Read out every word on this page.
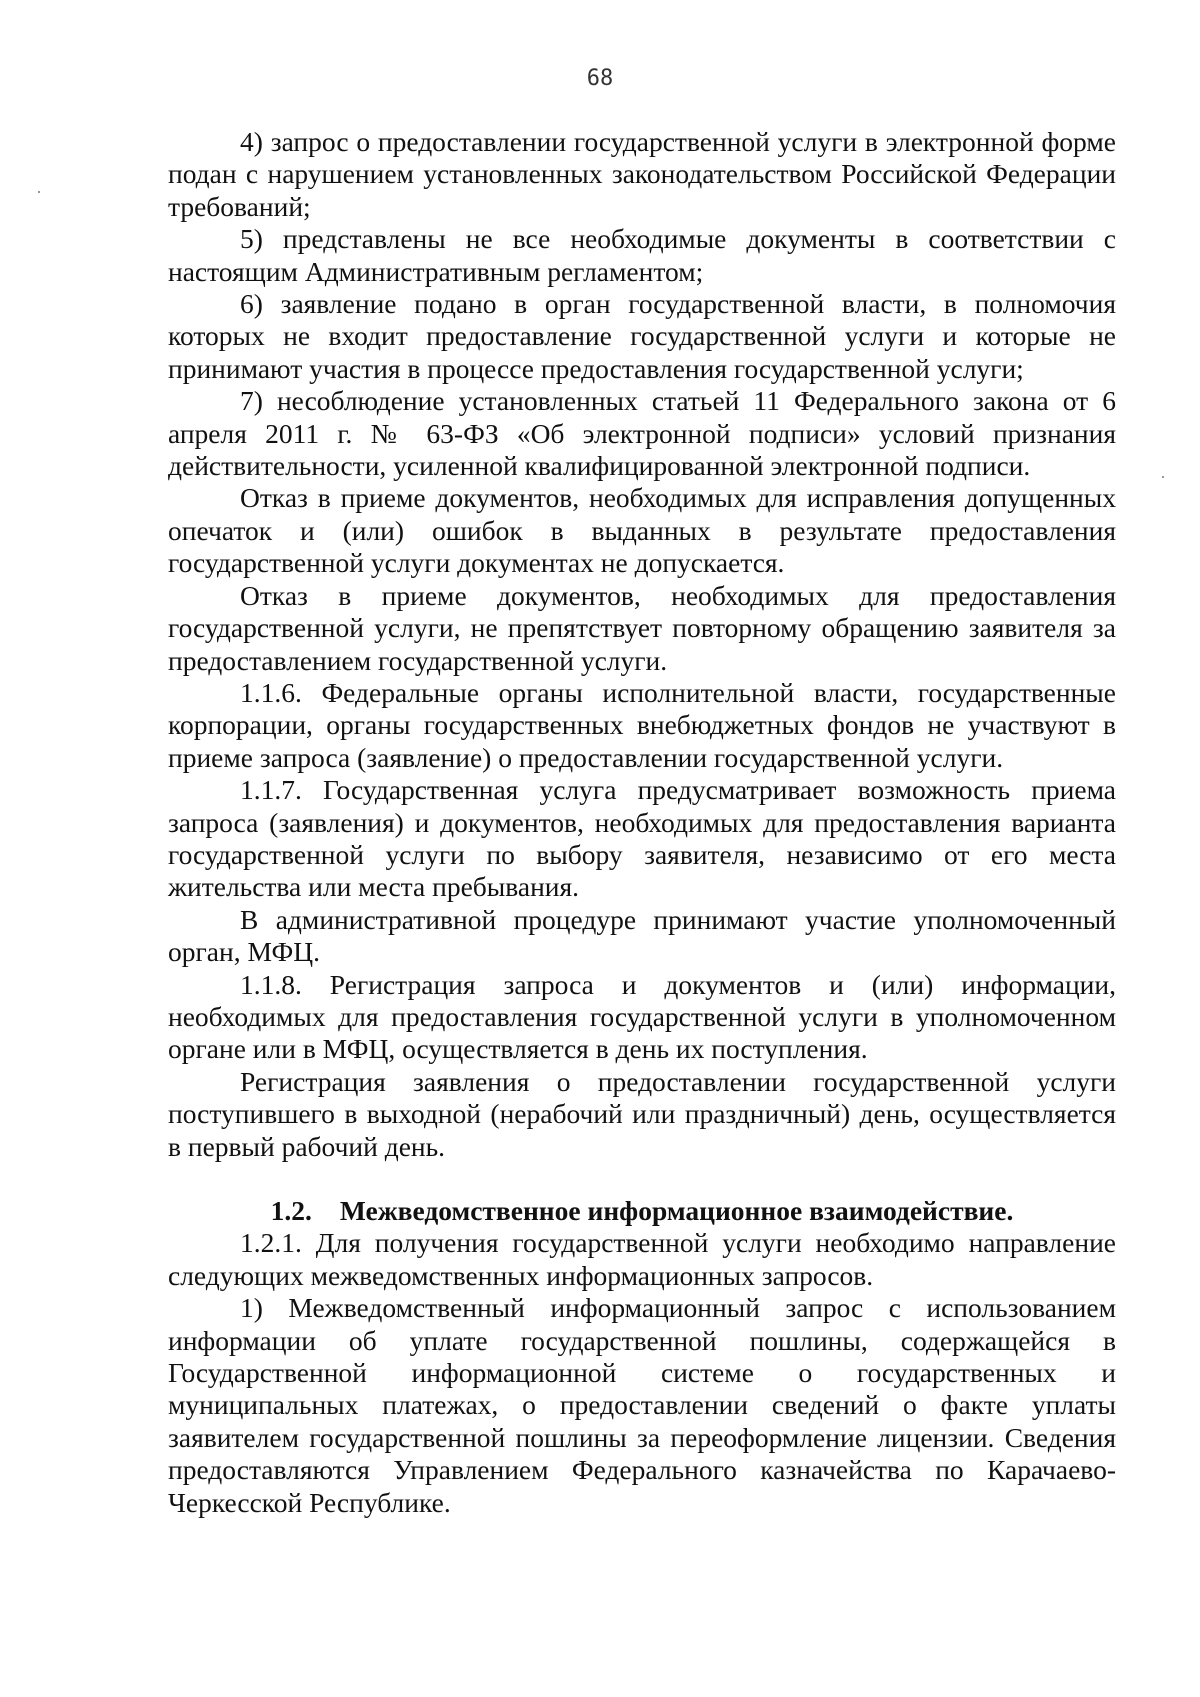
68

4) запрос о предоставлении государственной услуги в электронной форме подан с нарушением установленных законодательством Российской Федерации требований;

5) представлены не все необходимые документы в соответствии с настоящим Административным регламентом;

6) заявление подано в орган государственной власти, в полномочия которых не входит предоставление государственной услуги и которые не принимают участия в процессе предоставления государственной услуги;

7) несоблюдение установленных статьей 11 Федерального закона от 6 апреля 2011 г. № 63-ФЗ «Об электронной подписи» условий признания действительности, усиленной квалифицированной электронной подписи.

Отказ в приеме документов, необходимых для исправления допущенных опечаток и (или) ошибок в выданных в результате предоставления государственной услуги документах не допускается.

Отказ в приеме документов, необходимых для предоставления государственной услуги, не препятствует повторному обращению заявителя за предоставлением государственной услуги.

1.1.6. Федеральные органы исполнительной власти, государственные корпорации, органы государственных внебюджетных фондов не участвуют в приеме запроса (заявление) о предоставлении государственной услуги.

1.1.7. Государственная услуга предусматривает возможность приема запроса (заявления) и документов, необходимых для предоставления варианта государственной услуги по выбору заявителя, независимо от его места жительства или места пребывания.

В административной процедуре принимают участие уполномоченный орган, МФЦ.

1.1.8. Регистрация запроса и документов и (или) информации, необходимых для предоставления государственной услуги в уполномоченном органе или в МФЦ, осуществляется в день их поступления.

Регистрация заявления о предоставлении государственной услуги поступившего в выходной (нерабочий или праздничный) день, осуществляется в первый рабочий день.

1.2. Межведомственное информационное взаимодействие.

1.2.1. Для получения государственной услуги необходимо направление следующих межведомственных информационных запросов.

1) Межведомственный информационный запрос с использованием информации об уплате государственной пошлины, содержащейся в Государственной информационной системе о государственных и муниципальных платежах, о предоставлении сведений о факте уплаты заявителем государственной пошлины за переоформление лицензии. Сведения предоставляются Управлением Федерального казначейства по Карачаево-Черкесской Республике.
